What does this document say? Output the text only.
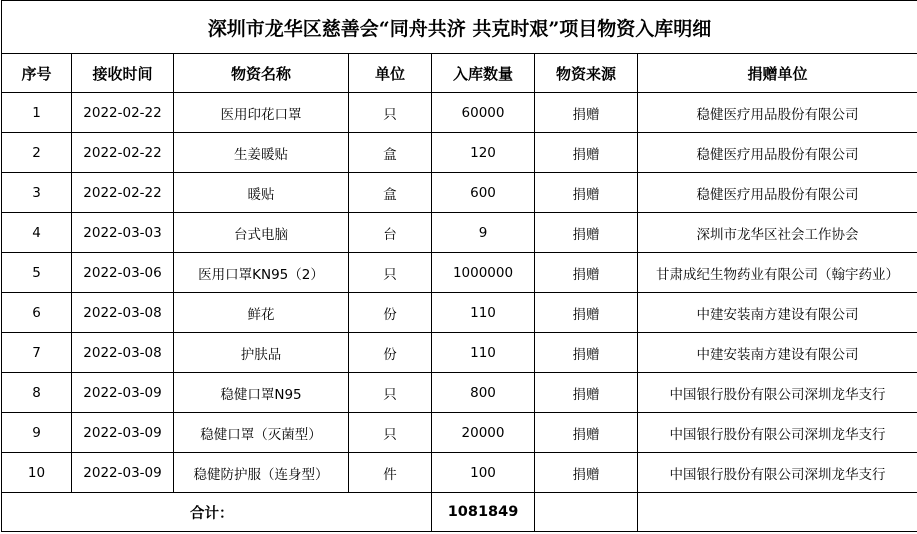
深圳市龙华区慈善会“同舟共济 共克时艰”项目物资入库明细						
序号	接收时间	物资名称	单位	入库数量	物资来源	捐赠单位
1	2022-02-22	医用印花口罩	只	60000	捐赠	稳健医疗用品股份有限公司
2	2022-02-22	生姜暖贴	盒	120	捐赠	稳健医疗用品股份有限公司
3	2022-02-22	暖贴	盒	600	捐赠	稳健医疗用品股份有限公司
4	2022-03-03	台式电脑	台	9	捐赠	深圳市龙华区社会工作协会
5	2022-03-06	医用口罩KN95（2）	只	1000000	捐赠	甘肃成纪生物药业有限公司（翰宇药业）
6	2022-03-08	鲜花	份	110	捐赠	中建安装南方建设有限公司
7	2022-03-08	护肤品	份	110	捐赠	中建安装南方建设有限公司
8	2022-03-09	稳健口罩N95	只	800	捐赠	中国银行股份有限公司深圳龙华支行
9	2022-03-09	稳健口罩（灭菌型）	只	20000	捐赠	中国银行股份有限公司深圳龙华支行
10	2022-03-09	稳健防护服（连身型）	件	100	捐赠	中国银行股份有限公司深圳龙华支行
合计：				1081849		
